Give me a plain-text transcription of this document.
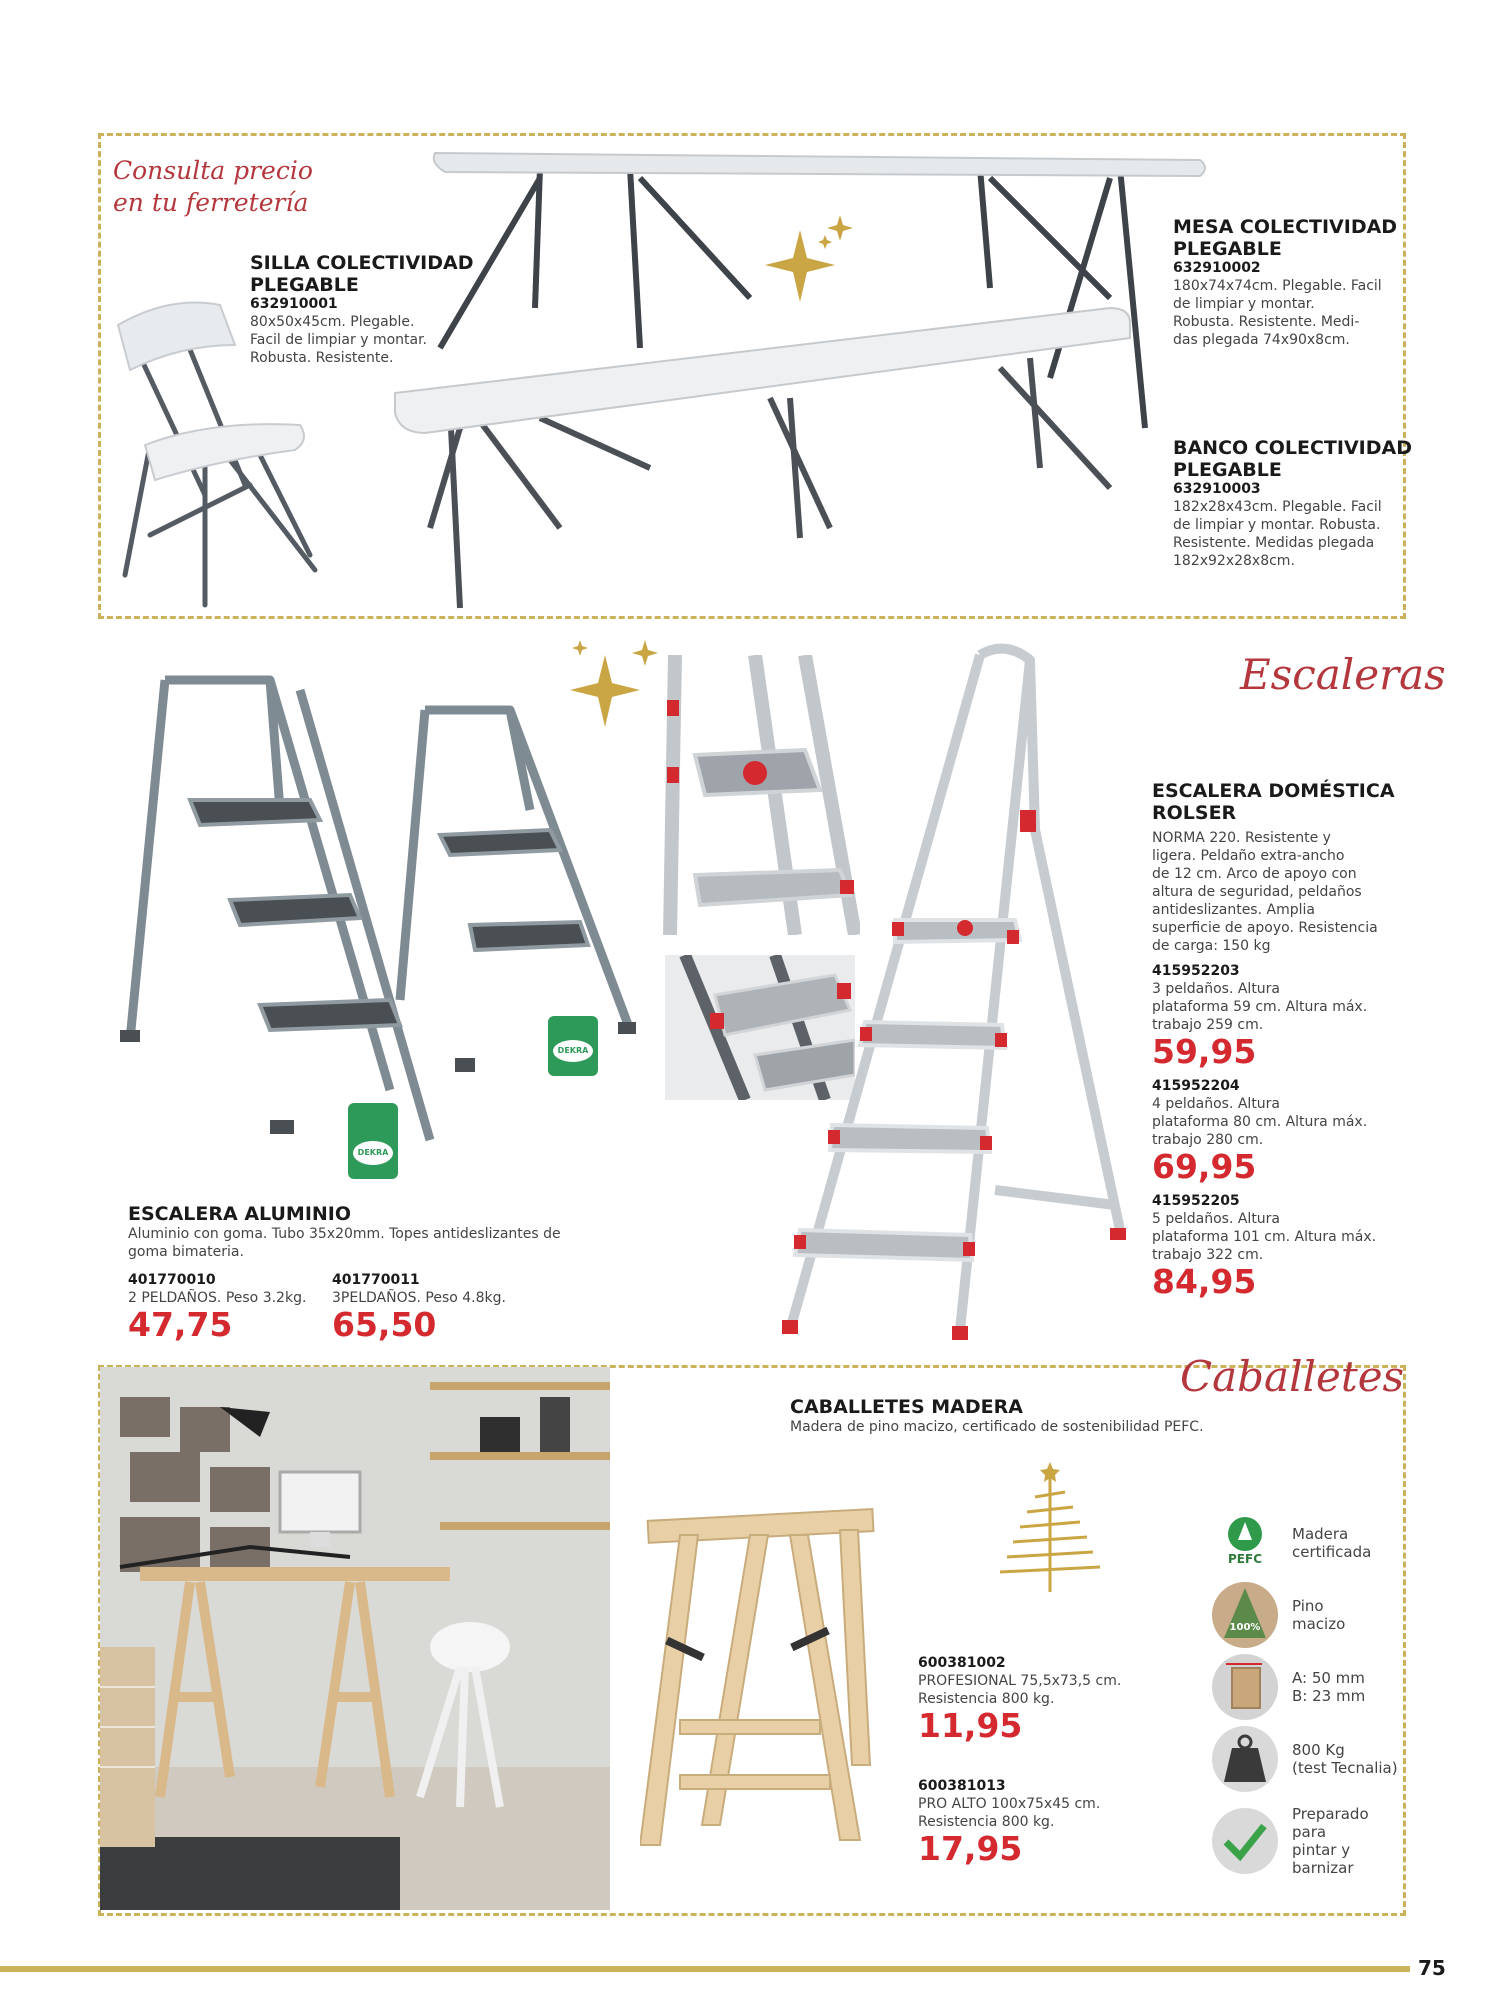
Consulta precio
en tu ferretería
SILLA COLECTIVIDAD
PLEGABLE
632910001
80x50x45cm. Plegable.
Facil de limpiar y montar.
Robusta. Resistente.
MESA COLECTIVIDAD
PLEGABLE
632910002
180x74x74cm. Plegable. Facil
de limpiar y montar.
Robusta. Resistente. Medi-
das plegada 74x90x8cm.
BANCO COLECTIVIDAD
PLEGABLE
632910003
182x28x43cm. Plegable. Facil
de limpiar y montar. Robusta.
Resistente. Medidas plegada
182x92x28x8cm.
Escaleras
DEKRA
DEKRA
ESCALERA DOMÉSTICA
ROLSER
NORMA 220. Resistente y
ligera. Peldaño extra-ancho
de 12 cm. Arco de apoyo con
altura de seguridad, peldaños
antideslizantes. Amplia
superficie de apoyo. Resistencia
de carga: 150 kg
415952203
3 peldaños. Altura
plataforma 59 cm. Altura máx.
trabajo 259 cm.
59,95
415952204
4 peldaños. Altura
plataforma 80 cm. Altura máx.
trabajo 280 cm.
69,95
415952205
5 peldaños. Altura
plataforma 101 cm. Altura máx.
trabajo 322 cm.
84,95
ESCALERA ALUMINIO
Aluminio con goma. Tubo 35x20mm. Topes antideslizantes de
goma bimateria.
401770010
2 PELDAÑOS. Peso 3.2kg.
47,75
401770011
3PELDAÑOS. Peso 4.8kg.
65,50
Caballetes
CABALLETES MADERA
Madera de pino macizo, certificado de sostenibilidad PEFC.
600381002
PROFESIONAL 75,5x73,5 cm.
Resistencia 800 kg.
11,95
600381013
PRO ALTO 100x75x45 cm.
Resistencia 800 kg.
17,95
PEFC
Madera
certificada
100%
Pino
macizo
A: 50 mm
B: 23 mm
800 Kg
(test Tecnalia)
Preparado
para
pintar y
barnizar
75
